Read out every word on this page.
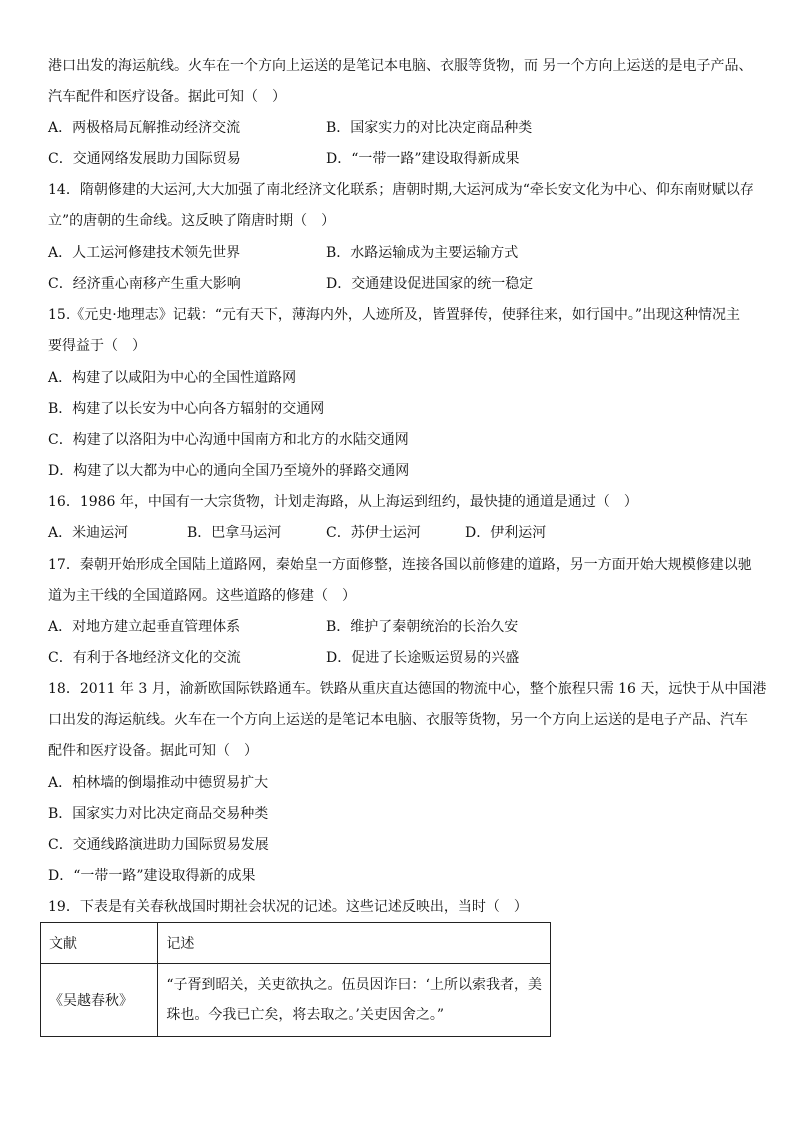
港口出发的海运航线。火车在一个方向上运送的是笔记本电脑、衣服等货物，而 另一个方向上运送的是电子产品、
汽车配件和医疗设备。据此可知（　）
A．两极格局瓦解推动经济交流	B．国家实力的对比决定商品种类
C．交通网络发展助力国际贸易	D．“一带一路”建设取得新成果
14．隋朝修建的大运河,大大加强了南北经济文化联系；唐朝时期,大运河成为“牵长安文化为中心、仰东南财赋以存
立”的唐朝的生命线。这反映了隋唐时期（　）
A．人工运河修建技术领先世界	B．水路运输成为主要运输方式
C．经济重心南移产生重大影响	D．交通建设促进国家的统一稳定
15.《元史·地理志》记载：“元有天下，薄海内外，人迹所及，皆置驿传，使驿往来，如行国中。”出现这种情况主
要得益于（　）
A．构建了以咸阳为中心的全国性道路网
B．构建了以长安为中心向各方辐射的交通网
C．构建了以洛阳为中心沟通中国南方和北方的水陆交通网
D．构建了以大都为中心的通向全国乃至境外的驿路交通网
16．1986 年，中国有一大宗货物，计划走海路，从上海运到纽约，最快捷的通道是通过（　）
A．米迪运河	B．巴拿马运河	C．苏伊士运河	D．伊利运河
17．秦朝开始形成全国陆上道路网，秦始皇一方面修整，连接各国以前修建的道路，另一方面开始大规模修建以驰
道为主干线的全国道路网。这些道路的修建（　）
A．对地方建立起垂直管理体系	B．维护了秦朝统治的长治久安
C．有利于各地经济文化的交流	D．促进了长途贩运贸易的兴盛
18．2011 年 3 月，渝新欧国际铁路通车。铁路从重庆直达德国的物流中心，整个旅程只需 16 天，远快于从中国港
口出发的海运航线。火车在一个方向上运送的是笔记本电脑、衣服等货物，另一个方向上运送的是电子产品、汽车
配件和医疗设备。据此可知（　）
A．柏林墙的倒塌推动中德贸易扩大
B．国家实力对比决定商品交易种类
C．交通线路演进助力国际贸易发展
D．“一带一路”建设取得新的成果
19．下表是有关春秋战国时期社会状况的记述。这些记述反映出，当时（　）
文献	记述
《吴越春秋》	“子胥到昭关，关吏欲执之。伍员因诈曰：‘上所以索我者，美
珠也。今我已亡矣，将去取之。’关吏因舍之。”
